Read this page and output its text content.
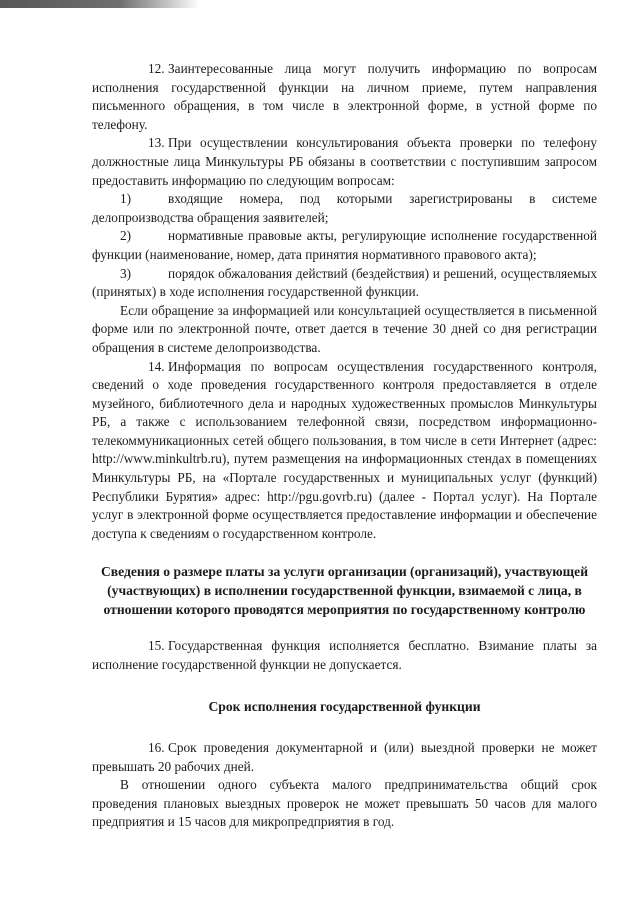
12. Заинтересованные лица могут получить информацию по вопросам исполнения государственной функции на личном приеме, путем направления письменного обращения, в том числе в электронной форме, в устной форме по телефону.

13. При осуществлении консультирования объекта проверки по телефону должностные лица Минкультуры РБ обязаны в соответствии с поступившим запросом предоставить информацию по следующим вопросам:

1)	входящие номера, под которыми зарегистрированы в системе делопроизводства обращения заявителей;

2)	нормативные правовые акты, регулирующие исполнение государственной функции (наименование, номер, дата принятия нормативного правового акта);

3)	порядок обжалования действий (бездействия) и решений, осуществляемых (принятых) в ходе исполнения государственной функции.

Если обращение за информацией или консультацией осуществляется в письменной форме или по электронной почте, ответ дается в течение 30 дней со дня регистрации обращения в системе делопроизводства.

14. Информация по вопросам осуществления государственного контроля, сведений о ходе проведения государственного контроля предоставляется в отделе музейного, библиотечного дела и народных художественных промыслов Минкультуры РБ, а также с использованием телефонной связи, посредством информационно-телекоммуникационных сетей общего пользования, в том числе в сети Интернет (адрес: http://www.minkultrb.ru), путем размещения на информационных стендах в помещениях Минкультуры РБ, на «Портале государственных и муниципальных услуг (функций) Республики Бурятия» адрес: http://pgu.govrb.ru) (далее - Портал услуг). На Портале услуг в электронной форме осуществляется предоставление информации и обеспечение доступа к сведениям о государственном контроле.

Сведения о размере платы за услуги организации (организаций), участвующей (участвующих) в исполнении государственной функции, взимаемой с лица, в отношении которого проводятся мероприятия по государственному контролю

15. Государственная функция исполняется бесплатно. Взимание платы за исполнение государственной функции не допускается.

Срок исполнения государственной функции

16. Срок проведения документарной и (или) выездной проверки не может превышать 20 рабочих дней.

В отношении одного субъекта малого предпринимательства общий срок проведения плановых выездных проверок не может превышать 50 часов для малого предприятия и 15 часов для микропредприятия в год.
